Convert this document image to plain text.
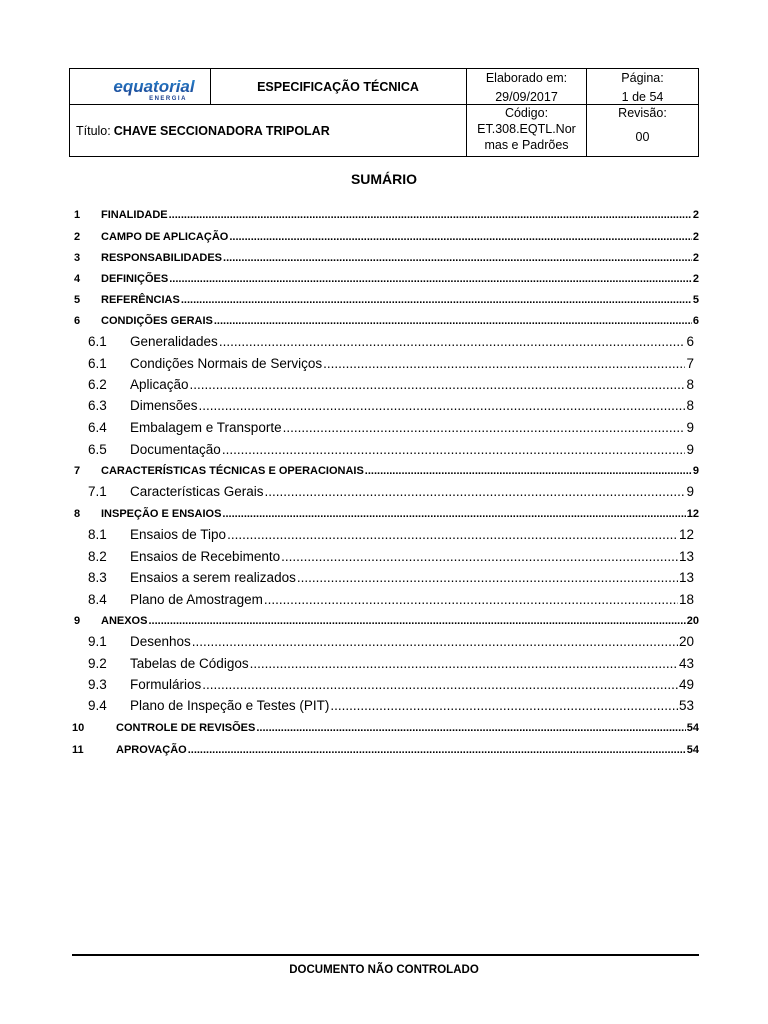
equatorial
ENERGIA
ESPECIFICAÇÃO TÉCNICA
Elaborado em:
29/09/2017
Página:
1 de 54
Título: CHAVE SECCIONADORA TRIPOLAR
Código:
ET.308.EQTL.Nor
mas e Padrões
Revisão:
00
SUMÁRIO
1 FINALIDADE .....	2
2 CAMPO DE APLICAÇÃO .....	2
3 RESPONSABILIDADES .....	2
4 DEFINIÇÕES .....	2
5 REFERÊNCIAS .....	5
6 CONDIÇÕES GERAIS .....	6
6.1 Generalidades .....	6
6.1 Condições Normais de Serviços .....	7
6.2 Aplicação .....	8
6.3 Dimensões .....	8
6.4 Embalagem e Transporte .....	9
6.5 Documentação .....	9
7 CARACTERÍSTICAS TÉCNICAS E OPERACIONAIS .....	9
7.1 Características Gerais .....	9
8 INSPEÇÃO E ENSAIOS .....	12
8.1 Ensaios de Tipo .....	12
8.2 Ensaios de Recebimento .....	13
8.3 Ensaios a serem realizados .....	13
8.4 Plano de Amostragem .....	18
9 ANEXOS .....	20
9.1 Desenhos .....	20
9.2 Tabelas de Códigos .....	43
9.3 Formulários .....	49
9.4 Plano de Inspeção e Testes (PIT) .....	53
10	CONTROLE DE REVISÕES .....	54
11	APROVAÇÃO .....	54
DOCUMENTO NÃO CONTROLADO
